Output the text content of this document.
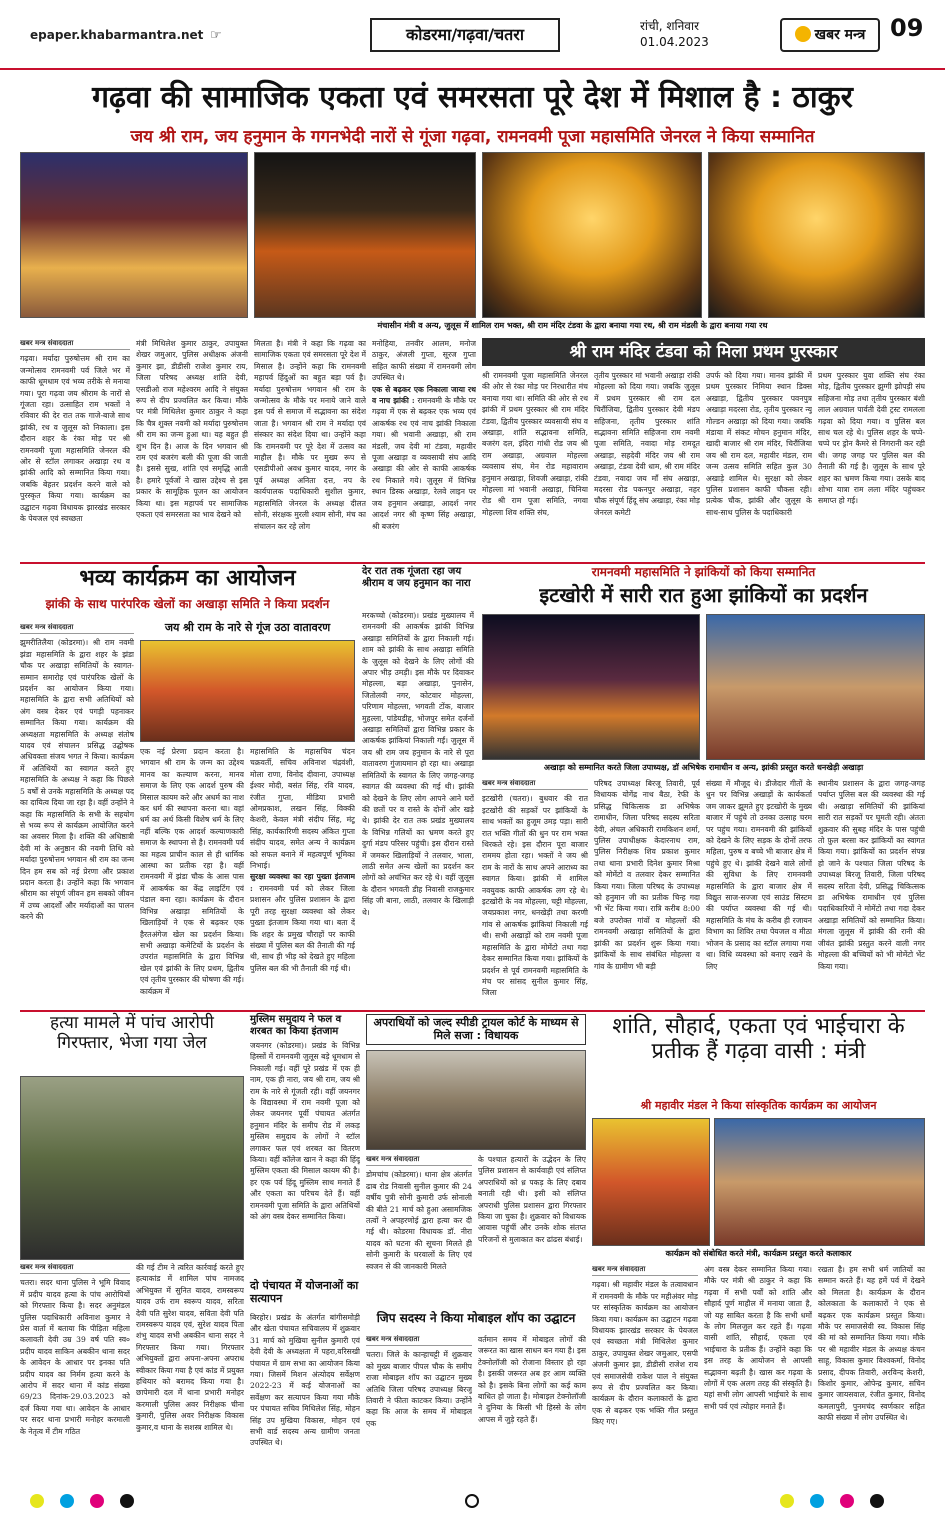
epaper.khabarmantra.net ☞	कोडरमा/गढ़वा/चतरा	रांची, शनिवार
01.04.2023	खबर मन्त्र	09
गढ़वा की सामाजिक एकता एवं समरसता पूरे देश में मिशाल है : ठाकुर
जय श्री राम, जय हनुमान के गगनभेदी नारों से गूंजा गढ़वा, रामनवमी पूजा महासमिति जेनरल ने किया सम्मानित
मंचासीन मंत्री व अन्य, जुलूस में शामिल राम भक्त, श्री राम मंदिर टंडवा के द्वारा बनाया गया रथ, श्री राम मंडली के द्वारा बनाया गया रथ
खबर मन्त्र संवाददाता
गढ़वा। मर्यादा पुरुषोत्तम श्री राम का जन्मोत्सव रामनवमी पर्व जिले भर में काफी धूमधाम एवं भव्य तरीके से मनाया गया। पूरा गढ़वा जय श्रीराम के नारों से गूंजता रहा। उत्साहित राम भक्तों ने रविवार की देर रात तक गाजे-बाजे साथ झांकी, रथ व जुलूस को निकाला। इस दौरान शहर के रंका मोड़ पर श्री रामनवमी पूजा महासमिति जेनरल की ओर से स्टॉल लगाकर अखाड़ा रथ व झांकी आदि को सम्मानित किया गया। जबकि बेहतर प्रदर्शन करने वाले को पुरस्कृत किया गया। कार्यक्रम का उद्घाटन गढ़वा विधायक झारखंड सरकार के पेयजल एवं स्वच्छता
मंत्री मिथिलेश कुमार ठाकुर, उपायुक्त शेखर जमुआर, पुलिस अधीक्षक अंजनी कुमार झा, डीडीसी राजेश कुमार राय, जिला परिषद अध्यक्ष शांति देवी, एसडीओ राज महेश्वरम आदि ने संयुक्त रूप से दीप प्रज्वलित कर किया। मौके पर मंत्री मिथिलेश कुमार ठाकुर ने कहा कि चैत्र शुक्ल नवमी को मर्यादा पुरुषोत्तम श्री राम का जन्म हुआ था। यह बहुत ही शुभ दिन है। आज के दिन भगवान श्री राम एवं बजरंग बली की पूजा की जाती है। इससे सुख, शांति एवं समृद्धि आती है। हमारे पूर्वजों ने खास उद्देश्य से इस प्रकार के सामूहिक पूजन का आयोजन किया था। इस महापर्व पर सामाजिक एकता एवं समरसता का भाव देखने को
मिलता है। मंत्री ने कहा कि गढ़वा का सामाजिक एकता एवं समरसता पूरे देश में मिसाल है। उन्होंने कहा कि रामनवमी महापर्व हिंदुओं का बहुत बड़ा पर्व है। मर्यादा पुरुषोत्तम भगवान श्री राम के जन्मोत्सव के मौके पर मनाये जाने वाले इस पर्व से समाज में सद्भावना का संदेश जाता है। भगवान श्री राम ने मर्यादा एवं संस्कार का संदेश दिया था। उन्होंने कहा कि रामनवमी पर पूरे देश में उत्सव का माहौल है। मौके पर मुख्य रूप से एसडीपीओ अवध कुमार यादव, नगर के पूर्व अध्यक्ष अनिता दत्त, नप के कार्यपालक पदाधिकारी सुशील कुमार, महासमिति जेनरल के अध्यक्ष दीलत सोनी, संरक्षक मुरली श्याम सोनी, मंच का संचालन कर रहे लोग
मनोहिया, तनवीर आलम, मनोज ठाकुर, अंजली गुप्ता, सूरज गुप्ता सहित काफी संख्या में रामनवमी लोग उपस्थित थे।
एक से बढ़कर एक निकाला जाया रथ व नाच झांकी : रामनवमी के मौके पर गढ़वा में एक से बढ़कर एक भव्य एवं आकर्षक रथ एवं नाच झांकी निकाला गया। श्री भवानी अखाड़ा, श्री राम मंडली, जय देवी मां टंडवा, महावीर पूजा अखाड़ा व व्यवसायी संघ आदि अखाड़ा की ओर से काफी आकर्षक रथ निकाले गये। जुलूस में विभिन्न स्थान डिस्क अखाड़ा, रेलवे लाइन पर जय हनुमान अखाड़ा, आदर्श नगर आदर्श नगर श्री कृष्ण सिंह अखाड़ा, श्री बजरंग
श्री राम मंदिर टंडवा को मिला प्रथम पुरस्कार
श्री रामनवमी पूजा महासमिति जेनरल की ओर से रंका मोड़ पर निरधारीत मंच बनाया गया था। समिति की ओर से रथ झांकी में प्रथम पुरस्कार श्री राम मंदिर टंडवा, द्वितीय पुरस्कार व्यवसायी संघ व अखाड़ा, शांति सद्भावना समिति, बजरंग दल, इंदिरा गांधी रोड जय श्री राम अखाड़ा, अग्रवाल मोहल्ला व्यवसाय संघ, मेन रोड महावाराम हनुमान अखाड़ा, शिवजी अखाड़ा, रांकी मोहल्ला मां भवानी अखाड़ा, चिनिया रोड श्री राम पूजा समिति, नगवा मोहल्ला शिव शक्ति संघ,
तृतीय पुरस्कार मां भवानी अखाड़ा रांकी मोहल्ला को दिया गया। जबकि जुलूस में प्रथम पुरस्कार श्री राम दल चिरौंजिया, द्वितीय पुरस्कार देवी मंडप सहिजना, तृतीय पुरस्कार शांति सद्भावना समिति सहिजना राम नवमी पूजा समिति, नवादा मोड़ रामदूत अखाड़ा, सहदेवी मंदिर जय श्री राम अखाड़ा, टंडवा देवी धाम, श्री राम मंदिर टंडवा, नवादा जय माँ संघ अखाड़ा, मदरसा रोड पकनपुर अखाड़ा, नहर चौक संपूर्ण हिंदू संघ अखाड़ा, रंका मोड़ जेनरल कमेटी
उपर्फ को दिया गया। मानव झांकी में प्रथम पुरस्कार निमिया स्थान डिक्स अखाड़ा, द्वितीय पुरस्कार पवनपुत्र अखाड़ा मदरसा रोड, तृतीय पुरस्कार न्यू गोल्डन अखाड़ा को दिया गया। जबकि मंडाया में संकट मोचन हनुमान मंदिर, खादी बाजार श्री राम मंदिर, चिरौंजिया जय श्री राम दल, महावीर मंडल, राम जन्म उत्सव समिति सहित कुल 30 अखाड़े शामिल थे। सुरक्षा को लेकर पुलिस प्रशासन काफी चौकस रही। प्रत्येक चौक, झांकी और जुलूस के साथ-साथ पुलिस के पदाधिकारी
प्रथम पुरस्कार युवा शक्ति संघ रंका मोड़, द्वितीय पुरस्कार झुग्गी झोपड़ी संघ सहिजना मोड़ तथा तृतीय पुरस्कार बंशी लाल अग्रवाल पार्वती देवी ट्रस्ट रामलला गढ़वा को दिया गया। व पुलिस बल साथ चल रहे थे। पुलिस शहर के चप्पे-चप्पे पर ड्रोन कैमरे से निगरानी कर रही थी। जगह जगह पर पुलिस बल की तैनाती की गई है। जुलूस के साथ पूरे शहर का भ्रमण किया गया। उसके बाद शोभा यात्रा राम लला मंदिर पहुंचकर समाप्त हो गई।
भव्य कार्यक्रम का आयोजन
झांकी के साथ पारंपरिक खेलों का अखाड़ा समिति ने किया प्रदर्शन
जय श्री राम के नारे से गूंज उठा वातावरण
खबर मन्त्र संवाददाता
झुमरीतिलैया (कोडरमा)। श्री राम नवमी झंडा महासमिति के द्वारा शहर के झंडा चौक पर अखाड़ा समितियों के स्वागत-सम्मान समारोह एवं पारंपरिक खेलों के प्रदर्शन का आयोजन किया गया। महासमिति के द्वारा सभी अतिथियों को अंग वस्त्र देकर एवं पगड़ी पहनाकर सम्मानित किया गया। कार्यक्रम की अध्यक्षता महासमिति के अध्यक्ष संतोष यादव एवं संचालन प्रसिद्ध उद्घोषक अधिवक्ता संजय भगत ने किया। कार्यक्रम में अतिथियों का स्वागत करते हुए महासमिति के अध्यक्ष ने कहा कि पिछले 5 वर्षों से उनके महासमिति के अध्यक्ष पद का दायित्व दिया जा रहा है। वहीं उन्होंने ने कहा कि महासमिति के सभी के सहयोग से भव्य रूप से कार्यक्रम आयोजित करने का अवसर मिला है। शक्ति की अधिष्ठात्री देवी मां के अनुष्ठान की नवमी तिथि को मर्यादा पुरुषोत्तम भगवान श्री राम का जन्म दिन हम सब को नई प्रेरणा और प्रकाश प्रदान करता है। उन्होंने कहा कि भगवान श्रीराम का संपूर्ण जीवन हम सबको जीवन में उच्च आदर्शों और मर्यादाओं का पालन करने की
एक नई प्रेरणा प्रदान करता है। भगवान श्री राम के जन्म का उद्देश्य मानव का कल्याण करना, मानव समाज के लिए एक आदर्श पुरुष की मिसाल कायम करे और अधर्म का नाश कर धर्म की स्थापना करना था। वहां धर्म का अर्थ किसी विशेष धर्म के लिए नहीं बल्कि एक आदर्श कल्याणकारी समाज के स्थापना से है। रामनवमी पर्व का महत्व प्राचीन काल से ही धार्मिक आस्था का प्रतीक रहा है। वहीं रामनवमी में झंडा चौक के आस पास में आकर्षक का केंद्र लाइटिंग एवं पंडाल बना रहा। कार्यक्रम के दौरान विभिन्न अखाड़ा समितियों के खिलाड़ियों ने एक से बढ़कर एक हैरतअंगेज खेल का प्रदर्शन किया। सभी अखाड़ा कमेटियों के प्रदर्शन के उपरांत महासमिति के द्वारा विभिन्न खेल एवं झांकी के लिए प्रथम, द्वितीय एवं तृतीय पुरस्कार की घोषणा की गई। कार्यक्रम में
महासमिति के महासचिव चंदन चक्रवर्ती, सचिव अविनाश चंद्रवंशी, मोला राणा, विनोद दीवाना, उपाध्यक्ष ईश्वर मोदी, बसंत सिंह, रवि यादव, रंजीत गुप्ता, मीडिया प्रभारी ओमप्रकाश, लखन सिंह, विक्की केशरी, केवल मंत्री संदीप सिंह, मंटू सिंह, कार्यकारिणी सदस्य अंकित गुप्ता संदीप यादव, समेत अन्य ने कार्यक्रम को सफल बनाने में महत्वपूर्ण भूमिका निभाई।
सुरक्षा व्यवस्था का रहा पुख्ता इंतजाम : रामनवमी पर्व को लेकर जिला प्रशासन और पुलिस प्रशासन के द्वारा पूरी तरह सुरक्षा व्यवस्था को लेकर पुख्ता इंतजाम किया गया था। बता दें कि शहर के प्रमुख चौराहों पर काफी संख्या में पुलिस बल की तैनाती की गई थी, साथ ही भीड़ को देखते हुए महिला पुलिस बल की भी तैनाती की गई थी।
देर रात तक गूंजता रहा जय श्रीराम व जय हनुमान का नारा
मरकच्चो (कोडरमा)। प्रखंड मुख्यालय में रामनवमी की आकर्षक झांकी विभिन्न अखाड़ा समितियों के द्वारा निकाली गई। शाम को झांकी के साथ अखाड़ा समिति के जुलूस को देखने के लिए लोगों की अपार भीड़ उमड़ी। इस मौके पर दिवाकर मोहल्ला, बड़ा अखाड़ा, पुनासेन, जितोलवी नगर, कोटवार मोहल्ला, परिणाम मोहल्ला, भगवती टोंक, बाजार मुहल्ला, पांडेयडीह, भोजपुर समेत दर्जनों अखाड़ा समितियों द्वारा विभिन्न प्रकार के आकर्षक झांकियां निकाली गईं। जुलूस में जय श्री राम जय हनुमान के नारे से पूरा वातावरण गुंजायमान हो रहा था। अखाड़ा समितियों के स्वागत के लिए जगह-जगह स्वागत की व्यवस्था की गई थी। झांकी को देखने के लिए लोग आपने आने घरों की छतों पर व रास्ते के दोनों ओर खड़े थे। झांकी देर रात तक प्रखंड मुख्यालय के विभिन्न गलियों का भ्रमण करते हुए दुर्गा मंडप परिसर पहुंची। इस दौरान रास्ते में जमकर खिलाड़ियों ने तलवार, भाला, लाठी समेत अन्य खेलों का प्रदर्शन कर लोगों को अचंभित कर रहे थे। वहीं जुलूस के दौरान भगवती डीह निवासी राजकुमार सिंह जी बाना, लाठी, तलवार के खिलाड़ी थे।
रामनवमी महासमिति ने झांकियों को किया सम्मानित
इटखोरी में सारी रात हुआ झांकियों का प्रदर्शन
अखाड़ा को सम्मानित करते जिला उपाध्यक्ष, डॉ अभिषेक रामाधीन व अन्य, झांकी प्रस्तुत करते धनखेड़ी अखाड़ा
खबर मन्त्र संवाददाता
इटखोरी (चतरा)। बुधवार की रात इटखोरी की सड़कों पर झांकियों के साथ भक्तों का हुजूम उमड़ पड़ा। सारी रात भक्ति गीतों की धुन पर राम भक्त थिरकते रहे। इस दौरान पूरा बाजार राममय होता रहा। भक्तों ने जय श्री राम के नारों के साथ अपने आराध्य का स्वागत किया। झांकी में शामिल नवयुवक काफी आकर्षक लग रहे थे। इटखोरी के नव मोहल्ला, चट्टी मोहल्ला, जयप्रकाश नगर, धनखेड़ी तथा करणी गांव से आकर्षक झांकियां निकाली गई थी। सभी अखाड़ों को राम नवमी पूजा महासमिति के द्वारा मोमेंटो तथा गदा देकर सम्मानित किया गया। झांकियों के प्रदर्शन से पूर्व रामनवमी महासमिति के मंच पर सांसद सुनील कुमार सिंह, जिला
परिषद उपाध्यक्ष बिरजू तिवारी, पूर्व विधायक योगेंद्र नाथ बैठा, रेफी के प्रसिद्ध चिकित्सक डा अभिषेक रामाधीन, जिला परिषद सदस्य सरिता देवी, अंचल अधिकारी रामकिशन शर्मा, पुलिस उपाधीक्षक केदारनाथ राम, पुलिस निरीक्षक शिव प्रकाश कुमार तथा थाना प्रभारी दिनेश कुमार मिश्रा को मोमेंटो व तलवार देकर सम्मानित किया गया। जिला परिषद के उपाध्यक्ष को हनुमान जी का प्रतीक चिन्ह गदा भी भेंट किया गया। रात्रि करीब 8:00 बजे उपरोक्त गांवों व मोहल्लों की रामनवमी अखाड़ा समितियों के द्वारा झांकी का प्रदर्शन शुरू किया गया। झांकियों के साथ संबंधित मोहल्ला व गांव के ग्रामीण भी बड़ी
संख्या में मौजूद थे। डीजेदार गीतों के धुन पर विभिन्न अखाड़ों के कार्यकर्ता जम जाकर झूमते हुए इटखोरी के मुख्य बाजार में पहुंचे तो उनका उत्साह चरम पर पहुंच गया। रामनवमी की झांकियों को देखने के लिए सड़क के दोनों तरफ महिला, पुरुष व बच्चे भी बाजार क्षेत्र में पहुंचे हुए थे। झांकी देखने वाले लोगों की सुविधा के लिए रामनवमी महासमिति के द्वारा बाजार क्षेत्र में विद्युत साज-सज्जा एवं साउंड सिस्टम की पर्याप्त व्यवस्था की गई थी। महासमिति के मंच के करीब ही रजायन विभाग का शिविर तथा पेयजल व मीठा भोजन के प्रसाद का स्टॉल लगाया गया था। विधि व्यवस्था को बनाए रखने के लिए
स्थानीय प्रशासन के द्वारा जगह-जगह पर्याप्त पुलिस बल की व्यवस्था की गई थी। अखाड़ा समितियों की झांकियां सारी रात सड़कों पर घूमती रही। अंततः शुक्रवार की सुबह मंदिर के पास पहुंची तो फ़ुल बरसा कर झांकियों का स्वागत किया गया। झांकियों का प्रदर्शन संपन्न हो जाने के पश्चात जिला परिषद के उपाध्यक्ष बिरजू तिवारी, जिला परिषद सदस्य सरिता देवी, प्रसिद्ध चिकित्सक डा अभिषेक रामाधीन एवं पुलिस पदाधिकारियों ने मोमेंटो तथा गदा देकर अखाड़ा समितियों को सम्मानित किया। मंगला जुलूस में झांकी की रानी की जीवंत झांकी प्रस्तुत करने वाली नगर मोहल्ला की बच्चियों को भी मोमेंटो भेंट किया गया।
हत्या मामले में पांच आरोपी गिरफ्तार, भेजा गया जेल
खबर मन्त्र संवाददाता
चतरा। सदर थाना पुलिस ने भूमि विवाद में प्रदीप यादव हत्या के पांच आरोपियों को गिरफ्तार किया है। सदर अनुमंडल पुलिस पदाधिकारी अविनाश कुमार ने प्रेस वार्ता में बताया कि पीड़िता महिला कलावती देवी उम्र 39 वर्ष पति स्व० प्रदीप यादव साकिन अबकीन थाना सदर के आवेदन के आधार पर इनका पति प्रदीप यादव का निर्मम हत्या करने के आरोप में सदर थाना में कांड संख्या 69/23 दिनांक-29.03.2023 को दर्ज किया गया था। आवेदन के आधार पर सदर थाना प्रभारी मनोहर करमाली के नेतृत्व में टीम गठित
की गई टीम ने त्वरित कार्रवाई करते हुए हत्याकांड में शामिल पांच नामजद अभियुक्त में सुनित यादव, रामस्वरूप यादव उर्फ राम स्वरूप यादव, सरिता देवी पति सुरेश यादव, सविता देवी पति रामस्वरूप यादव एवं, सुरेश यादव पिता शंभु यादव सभी अबकीन थाना सदर ने गिरफ्तार किया गया। गिरफ्तार अभियुक्तों द्वारा अपना-अपना अपराध स्वीकार किया गया है एवं कांड में प्रयुक्त हथियार को बरामद किया गया है। छापेमारी दल में थाना प्रभारी मनोहर करमाली पुलिस अवर निरीक्षक चीना कुमारी, पुलिस अवर निरीक्षक विकास कुमार,व थाना के सशस्त्र शामिल थे।
मुस्लिम समुदाय ने फल व शरबत का किया इंतजाम
जयनगर (कोडरमा)। प्रखंड के विभिन्न हिस्सों में रामनवमी जुलूस बड़े धूमधाम से निकाली गई। वहीं पूरे प्रखंड में एक ही नाम, एक ही नारा, जय श्री राम, जय श्री राम के नारे से गूंजती रही। वहीं जयनगर के विद्यावस्था में राम नवमी पूजा को लेकर जयनगर पूर्वी पंचायत अंतर्गत हनुमान मंदिर के समीप रोड में लकड़ मुस्लिम समुदाय के लोगों ने स्टॉल लगाकर फल एवं शरबत का वितरण किया। वहीं कॉलेज खान ने कहा की हिंदू मुस्लिम एकता की मिसाल कायम की है। हर एक पर्व हिंदू मुस्लिम साथ मनाते हैं और एकता का परिचय देते हैं। वहीं रामनवमी पूजा समिति के द्वारा अतिथियों को अंग वस्त्र देकर सम्मानित किया।
दो पंचायत में योजनाओं का सत्यापन
बिरहोर। प्रखंड के अंतर्गत बांगीसमोड़ी और खेता पंचायत सचिवालय में शुक्रवार 31 मार्च को मुखिया सुनील कुमारी एवं देवी देवी के अध्यक्षता में पहरा,वरिसखी पंचायत में ग्राम सभा का आयोजन किया गया। जिसमें मिशन अंत्योदय सर्वेक्षण 2022-23 में कई योजनाओं का सर्वेक्षण कर सत्यापन किया गया मौके पर पंचायत सचिव मिथिलेश सिंह, मोहन सिंह उप मुखिया विकास, मोहन एवं सभी वार्ड सदस्य अन्य ग्रामीण जनता उपस्थित थे।
अपराधियों को जल्द स्पीडी ट्रायल कोर्ट के माध्यम से मिले सजा : विधायक
खबर मन्त्र संवाददाता
डोमचांच (कोडरमा)। थाना क्षेत्र अंतर्गत ढाब रोड निवासी सुनील कुमार की 24 वर्षीय पुत्री सोनी कुमारी उर्फ सोनाली की बीते 21 मार्च को हुआ असामजिक तत्वों ने अपहरणोई द्वारा हत्या कर दी गई थी। कोडरमा विधायक डॉ. नीरा यादव को घटना की सूचना मिलते ही सोनी कुमारी के घरवालों के लिए एवं स्वजन से की जानकारी मिलते
के पश्चात हत्यारों के उद्भेदन के लिए पुलिस प्रशासन से कार्यवाही एवं संलिप्त अपराधियों को ध्र पकड़ के लिए दबाव बनाती रही थी। इसी को संलिप्त अपराधी पुलिस प्रशासन द्वारा गिरफ्तार किया जा चुका है। शुक्रवार को विधायक आवास पहुंचीं और उनके शोक संतप्त परिजनों से मुलाकात कर ढांढस बंधाई।
जिप सदस्य ने किया मोबाइल शॉप का उद्घाटन
खबर मन्त्र संवाददाता
चतरा। जिले के कान्हाचट्टी में शुक्रवार को मुख्य बाजार पीपल चौक के समीप राजा मोबाइल शॉप का उद्घाटन मुख्य अतिथि जिला परिषद उपाध्यक्ष बिरजू तिवारी ने फीता काटकर किया। उन्होंने कहा कि आज के समय में मोबाइल एक
वर्तमान समय में मोबाइल लोगों की जरूरत का खास साधन बन गया है। इस टेक्नोलॉजी को रोजाना विस्तार हो रहा है। इसकी जरूरत अब हर आम व्यक्ति को है। इसके बिना लोगों का कई काम बाधित हो जाता है। मोबाइल टेक्नोलॉजी ने दुनिया के किसी भी हिस्से के लोग आपस में जुड़े रहते हैं।
शांति, सौहार्द, एकता एवं भाईचारा के प्रतीक हैं गढ़वा वासी : मंत्री
श्री महावीर मंडल ने किया सांस्कृतिक कार्यक्रम का आयोजन
कार्यक्रम को संबोधित करते मंत्री, कार्यक्रम प्रस्तुत करते कलाकार
खबर मन्त्र संवाददाता
गढ़वा। श्री महावीर मंडल के तत्वावधान में रामनवमी के मौके पर महीअंवर मोड़ पर सांस्कृतिक कार्यक्रम का आयोजन किया गया। कार्यक्रम का उद्घाटन गढ़वा विधायक झारखंड सरकार के पेयजल एवं स्वच्छता मंत्री मिथिलेश कुमार ठाकुर, उपायुक्त शेखर जमुआर, एसपी अंजनी कुमार झा, डीडीसी राजेश राय एवं समाजसेवी राकेश पाल ने संयुक्त रूप से दीप प्रज्वलित कर किया। कार्यक्रम के दौरान कलाकारों के द्वारा एक से बढ़कर एक भक्ति गीत प्रस्तुत किए गए।
अंग वस्त्र देकर सम्मानित किया गया। मौके पर मंत्री श्री ठाकुर ने कहा कि गढ़वा में सभी पर्वों को शांति और सौहार्द पूर्ण माहौल में मनाया जाता है, जो यह साबित करता है कि सभी धर्मों के लोग मिलजुल कर रहते हैं। गढ़वा वासी शांति, सौहार्द, एकता एवं भाईचारा के प्रतीक हैं। उन्होंने कहा कि इस तरह के आयोजन से आपसी सद्भावना बढ़ती है। खास कर गढ़वा के लोगों में एक अलग तरह की संस्कृति है। यहां सभी लोग आपसी भाईचारे के साथ सभी पर्व एवं त्योहार मनाते हैं।
रखता है। हम सभी धर्म जातियों का सम्मान करते हैं। यह हमें पर्व में देखने को मिलता है। कार्यक्रम के दौरान कोलकाता के कलाकारों ने एक से बढ़कर एक कार्यक्रम प्रस्तुत किया। मौके पर समाजसेवी स्व. विकास सिंह की मां को सम्मानित किया गया। मौके पर श्री महावीर मंडल के अध्यक्ष कंचन साहू, विकास कुमार विश्वकर्मा, विनोद प्रसाद, दीपक तिवारी, अरविन्द केशरी, किशोर कुमार, ओपेन्द्र कुमार, सचिन कुमार जायसवाल, रंजीत कुमार, विनोद कमलापुरी, पुनमचंद स्वर्णकार सहित काफी संख्या में लोग उपस्थित थे।
